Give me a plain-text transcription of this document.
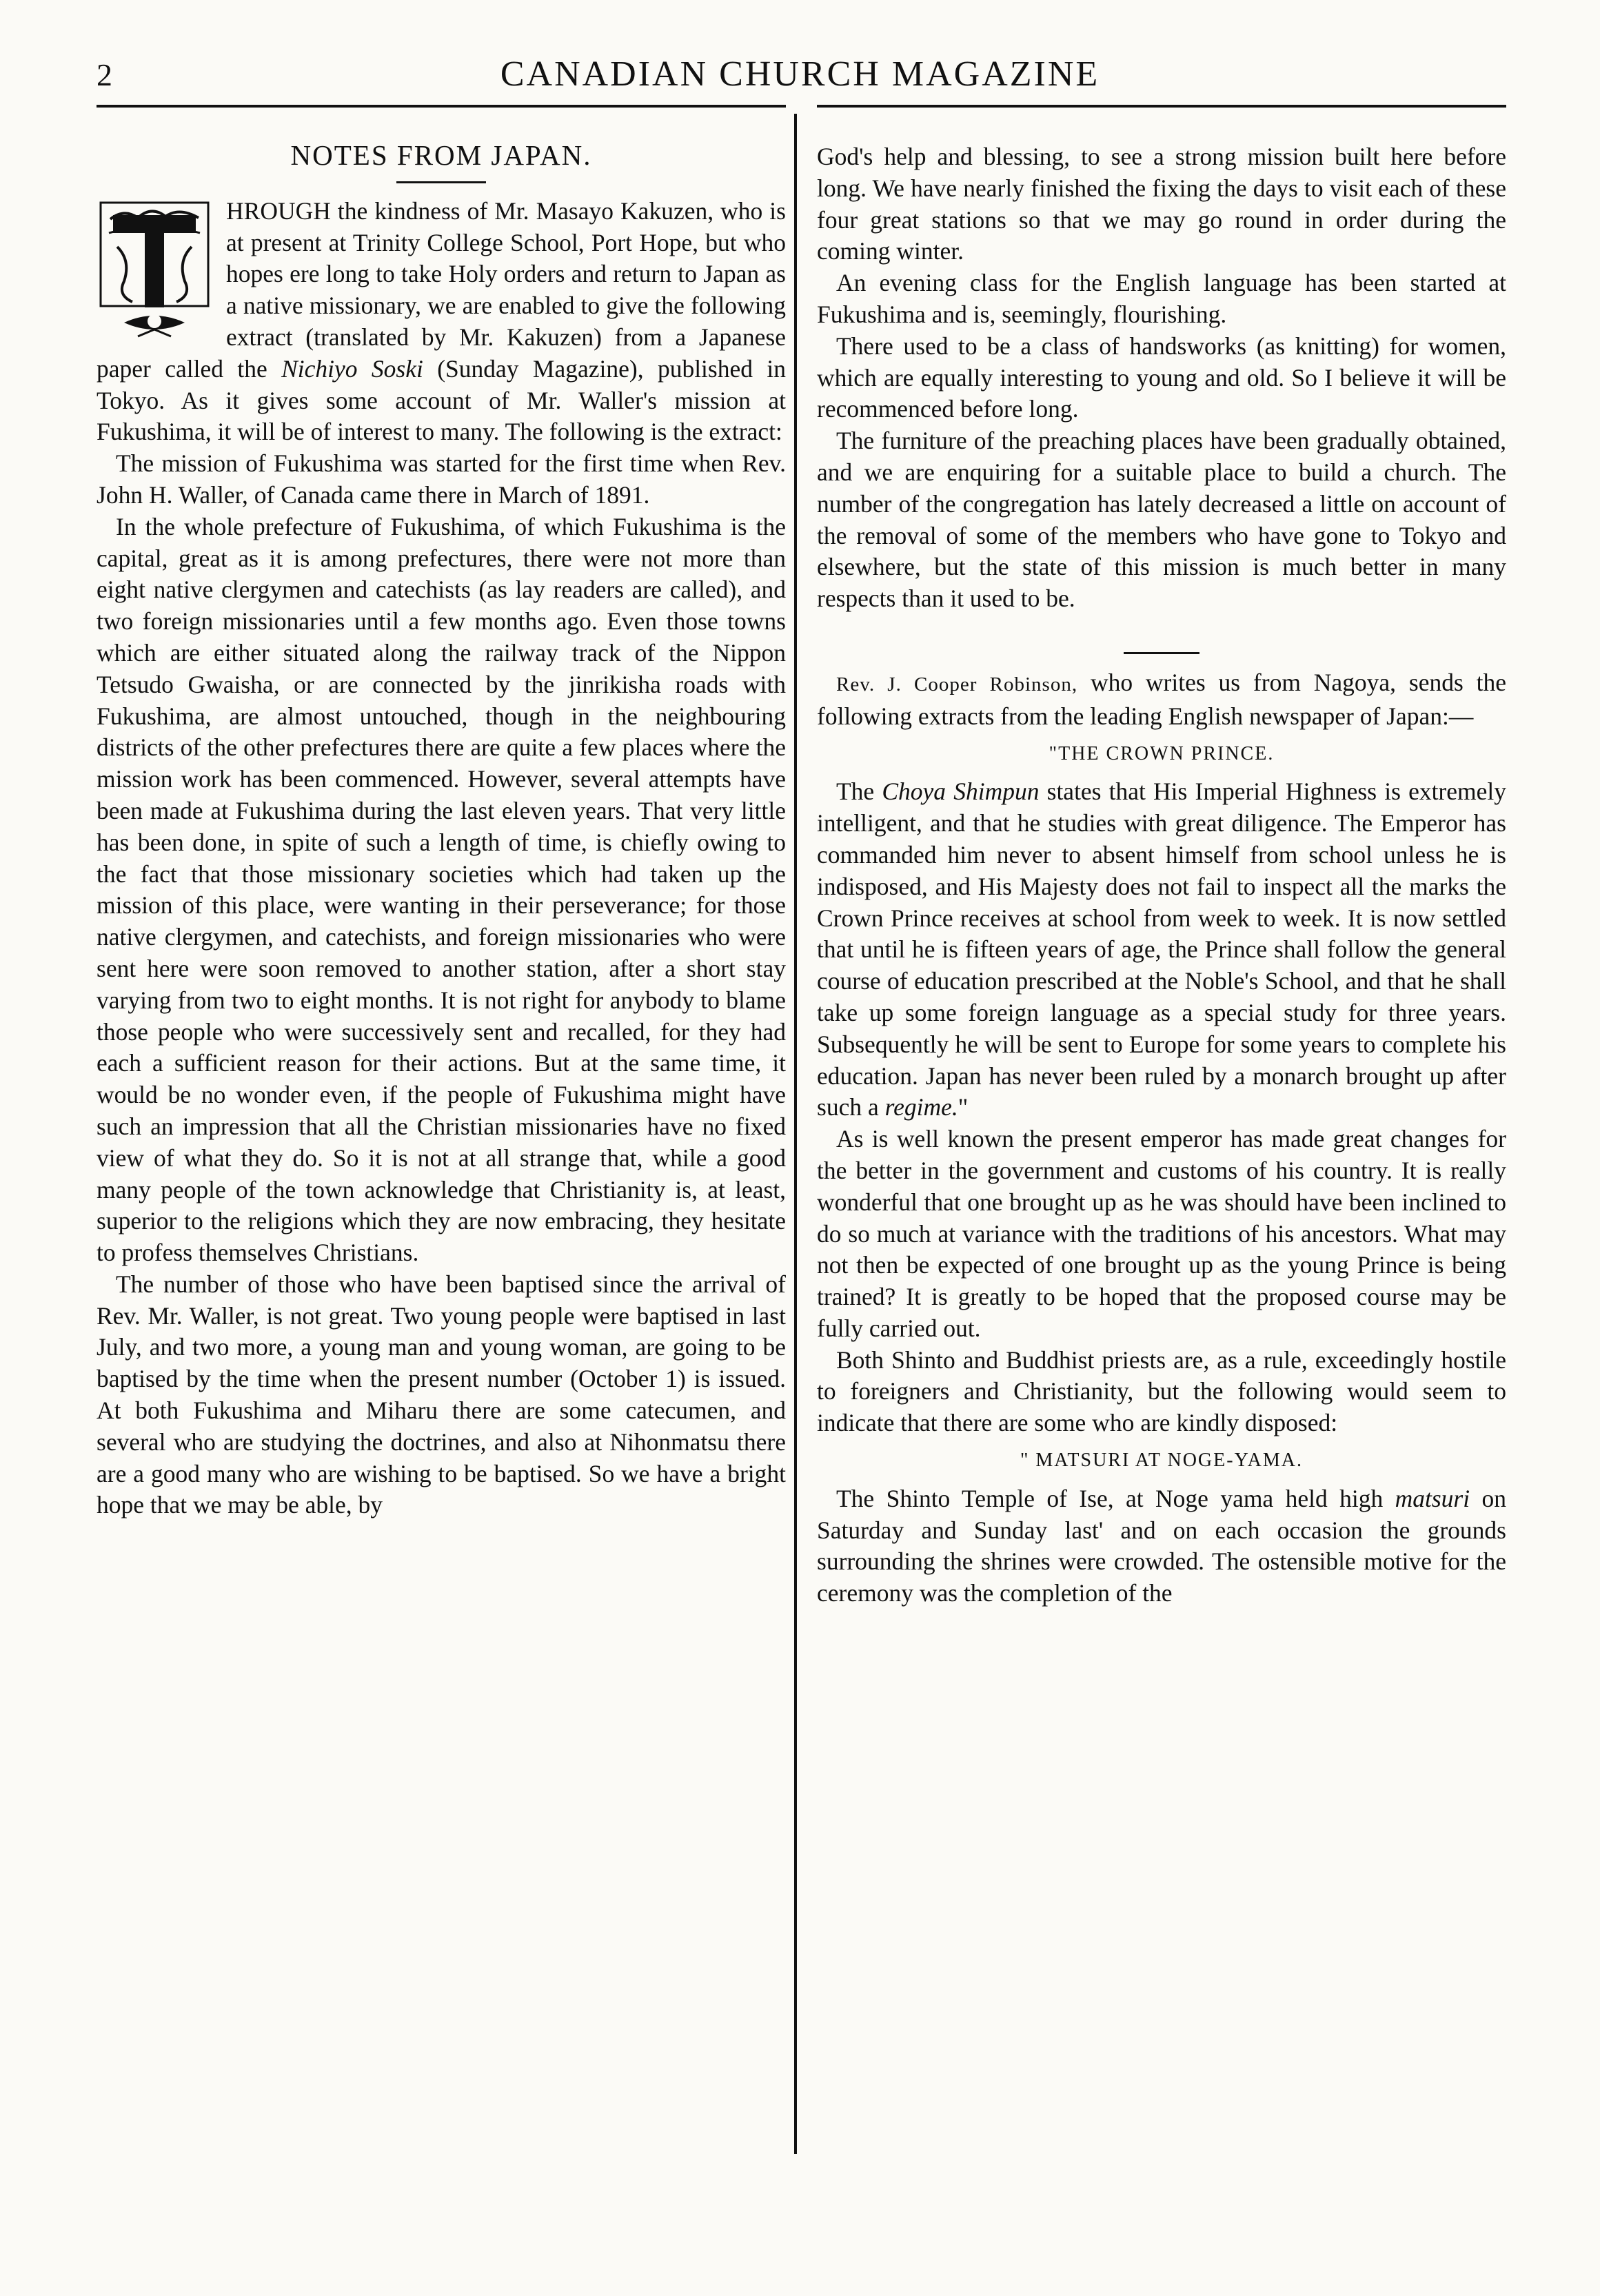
2	CANADIAN CHURCH MAGAZINE
NOTES FROM JAPAN.

HROUGH the kindness of Mr. Masayo Kakuzen, who is at present at Trinity College School, Port Hope, but who hopes ere long to take Holy orders and return to Japan as a native missionary, we are enabled to give the following extract (translated by Mr. Kakuzen) from a Japanese paper called the Nichiyo Soski (Sunday Magazine), published in Tokyo. As it gives some account of Mr. Waller's mission at Fukushima, it will be of interest to many. The following is the extract:

The mission of Fukushima was started for the first time when Rev. John H. Waller, of Canada came there in March of 1891.

In the whole prefecture of Fukushima, of which Fukushima is the capital, great as it is among prefectures, there were not more than eight native clergymen and catechists (as lay readers are called), and two foreign missionaries until a few months ago. Even those towns which are either situated along the railway track of the Nippon Tetsudo Gwaisha, or are connected by the jinrikisha roads with Fukushima, are almost untouched, though in the neighbouring districts of the other prefectures there are quite a few places where the mission work has been commenced. However, several attempts have been made at Fukushima during the last eleven years. That very little has been done, in spite of such a length of time, is chiefly owing to the fact that those missionary societies which had taken up the mission of this place, were wanting in their perseverance; for those native clergymen, and catechists, and foreign missionaries who were sent here were soon removed to another station, after a short stay varying from two to eight months. It is not right for anybody to blame those people who were successively sent and recalled, for they had each a sufficient reason for their actions. But at the same time, it would be no wonder even, if the people of Fukushima might have such an impression that all the Christian missionaries have no fixed view of what they do. So it is not at all strange that, while a good many people of the town acknowledge that Christianity is, at least, superior to the religions which they are now embracing, they hesitate to profess themselves Christians.

The number of those who have been baptised since the arrival of Rev. Mr. Waller, is not great. Two young people were baptised in last July, and two more, a young man and young woman, are going to be baptised by the time when the present number (October 1) is issued. At both Fukushima and Miharu there are some catecumen, and several who are studying the doctrines, and also at Nihonmatsu there are a good many who are wishing to be baptised. So we have a bright hope that we may be able, by

God's help and blessing, to see a strong mission built here before long. We have nearly finished the fixing the days to visit each of these four great stations so that we may go round in order during the coming winter.

An evening class for the English language has been started at Fukushima and is, seemingly, flourishing.

There used to be a class of handsworks (as knitting) for women, which are equally interesting to young and old. So I believe it will be recommenced before long.

The furniture of the preaching places have been gradually obtained, and we are enquiring for a suitable place to build a church. The number of the congregation has lately decreased a little on account of the removal of some of the members who have gone to Tokyo and elsewhere, but the state of this mission is much better in many respects than it used to be.

Rev. J. Cooper Robinson, who writes us from Nagoya, sends the following extracts from the leading English newspaper of Japan:—

"THE CROWN PRINCE.

The Choya Shimpun states that His Imperial Highness is extremely intelligent, and that he studies with great diligence. The Emperor has commanded him never to absent himself from school unless he is indisposed, and His Majesty does not fail to inspect all the marks the Crown Prince receives at school from week to week. It is now settled that until he is fifteen years of age, the Prince shall follow the general course of education prescribed at the Noble's School, and that he shall take up some foreign language as a special study for three years. Subsequently he will be sent to Europe for some years to complete his education. Japan has never been ruled by a monarch brought up after such a regime."

As is well known the present emperor has made great changes for the better in the government and customs of his country. It is really wonderful that one brought up as he was should have been inclined to do so much at variance with the traditions of his ancestors. What may not then be expected of one brought up as the young Prince is being trained? It is greatly to be hoped that the proposed course may be fully carried out.

Both Shinto and Buddhist priests are, as a rule, exceedingly hostile to foreigners and Christianity, but the following would seem to indicate that there are some who are kindly disposed:

" MATSURI AT NOGE-YAMA.

The Shinto Temple of Ise, at Noge yama held high matsuri on Saturday and Sunday last' and on each occasion the grounds surrounding the shrines were crowded. The ostensible motive for the ceremony was the completion of the
